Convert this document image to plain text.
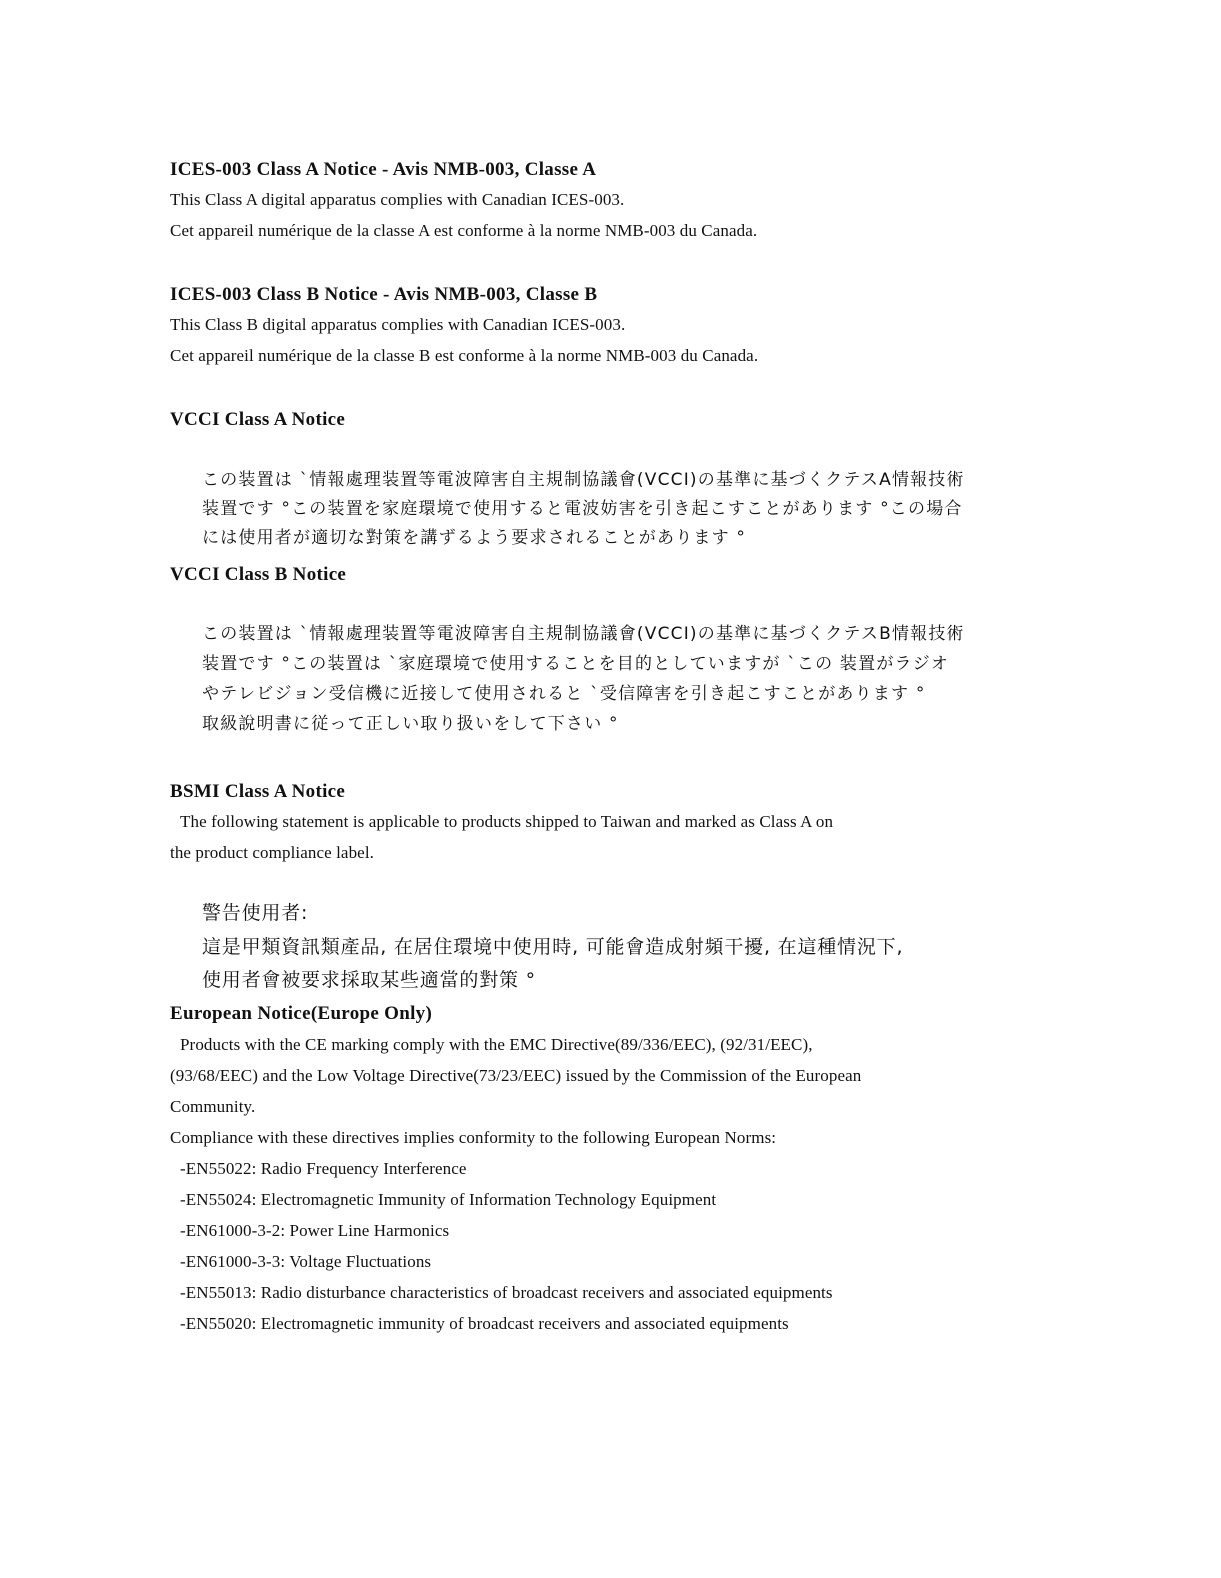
ICES-003 Class A Notice - Avis NMB-003, Classe A
This Class A digital apparatus complies with Canadian ICES-003.
Cet appareil numérique de la classe A est conforme à la norme NMB-003 du Canada.
ICES-003 Class B Notice - Avis NMB-003, Classe B
This Class B digital apparatus complies with Canadian ICES-003.
Cet appareil numérique de la classe B est conforme à la norme NMB-003 du Canada.
VCCI Class A Notice
この装置は `情報處理装置等電波障害自主規制協議會(VCCI)の基準に基づくクテスA情報技術
装置です °この装置を家庭環境で使用すると電波妨害を引き起こすことがあります °この場合
には使用者が適切な對策を講ずるよう要求されることがあります °
VCCI Class B Notice
この装置は `情報處理装置等電波障害自主規制協議會(VCCI)の基準に基づくクテスB情報技術
装置です °この装置は `家庭環境で使用することを目的としていますが `この 装置がラジオ
やテレビジョン受信機に近接して使用されると `受信障害を引き起こすことがあります °
取級說明書に従って正しい取り扱いをして下さい °
BSMI Class A Notice
The following statement is applicable to products shipped to Taiwan and marked as Class A on
the product compliance label.
警告使用者:
這是甲類資訊類產品, 在居住環境中使用時, 可能會造成射頻干擾, 在這種情況下,
使用者會被要求採取某些適當的對策 °
European Notice(Europe Only)
Products with the CE marking comply with the EMC Directive(89/336/EEC), (92/31/EEC),
(93/68/EEC) and the Low Voltage Directive(73/23/EEC) issued by the Commission of the European
Community.
Compliance with these directives implies conformity to the following European Norms:
-EN55022: Radio Frequency Interference
-EN55024: Electromagnetic Immunity of Information Technology Equipment
-EN61000-3-2: Power Line Harmonics
-EN61000-3-3: Voltage Fluctuations
-EN55013: Radio disturbance characteristics of broadcast receivers and associated equipments
-EN55020: Electromagnetic immunity of broadcast receivers and associated equipments
